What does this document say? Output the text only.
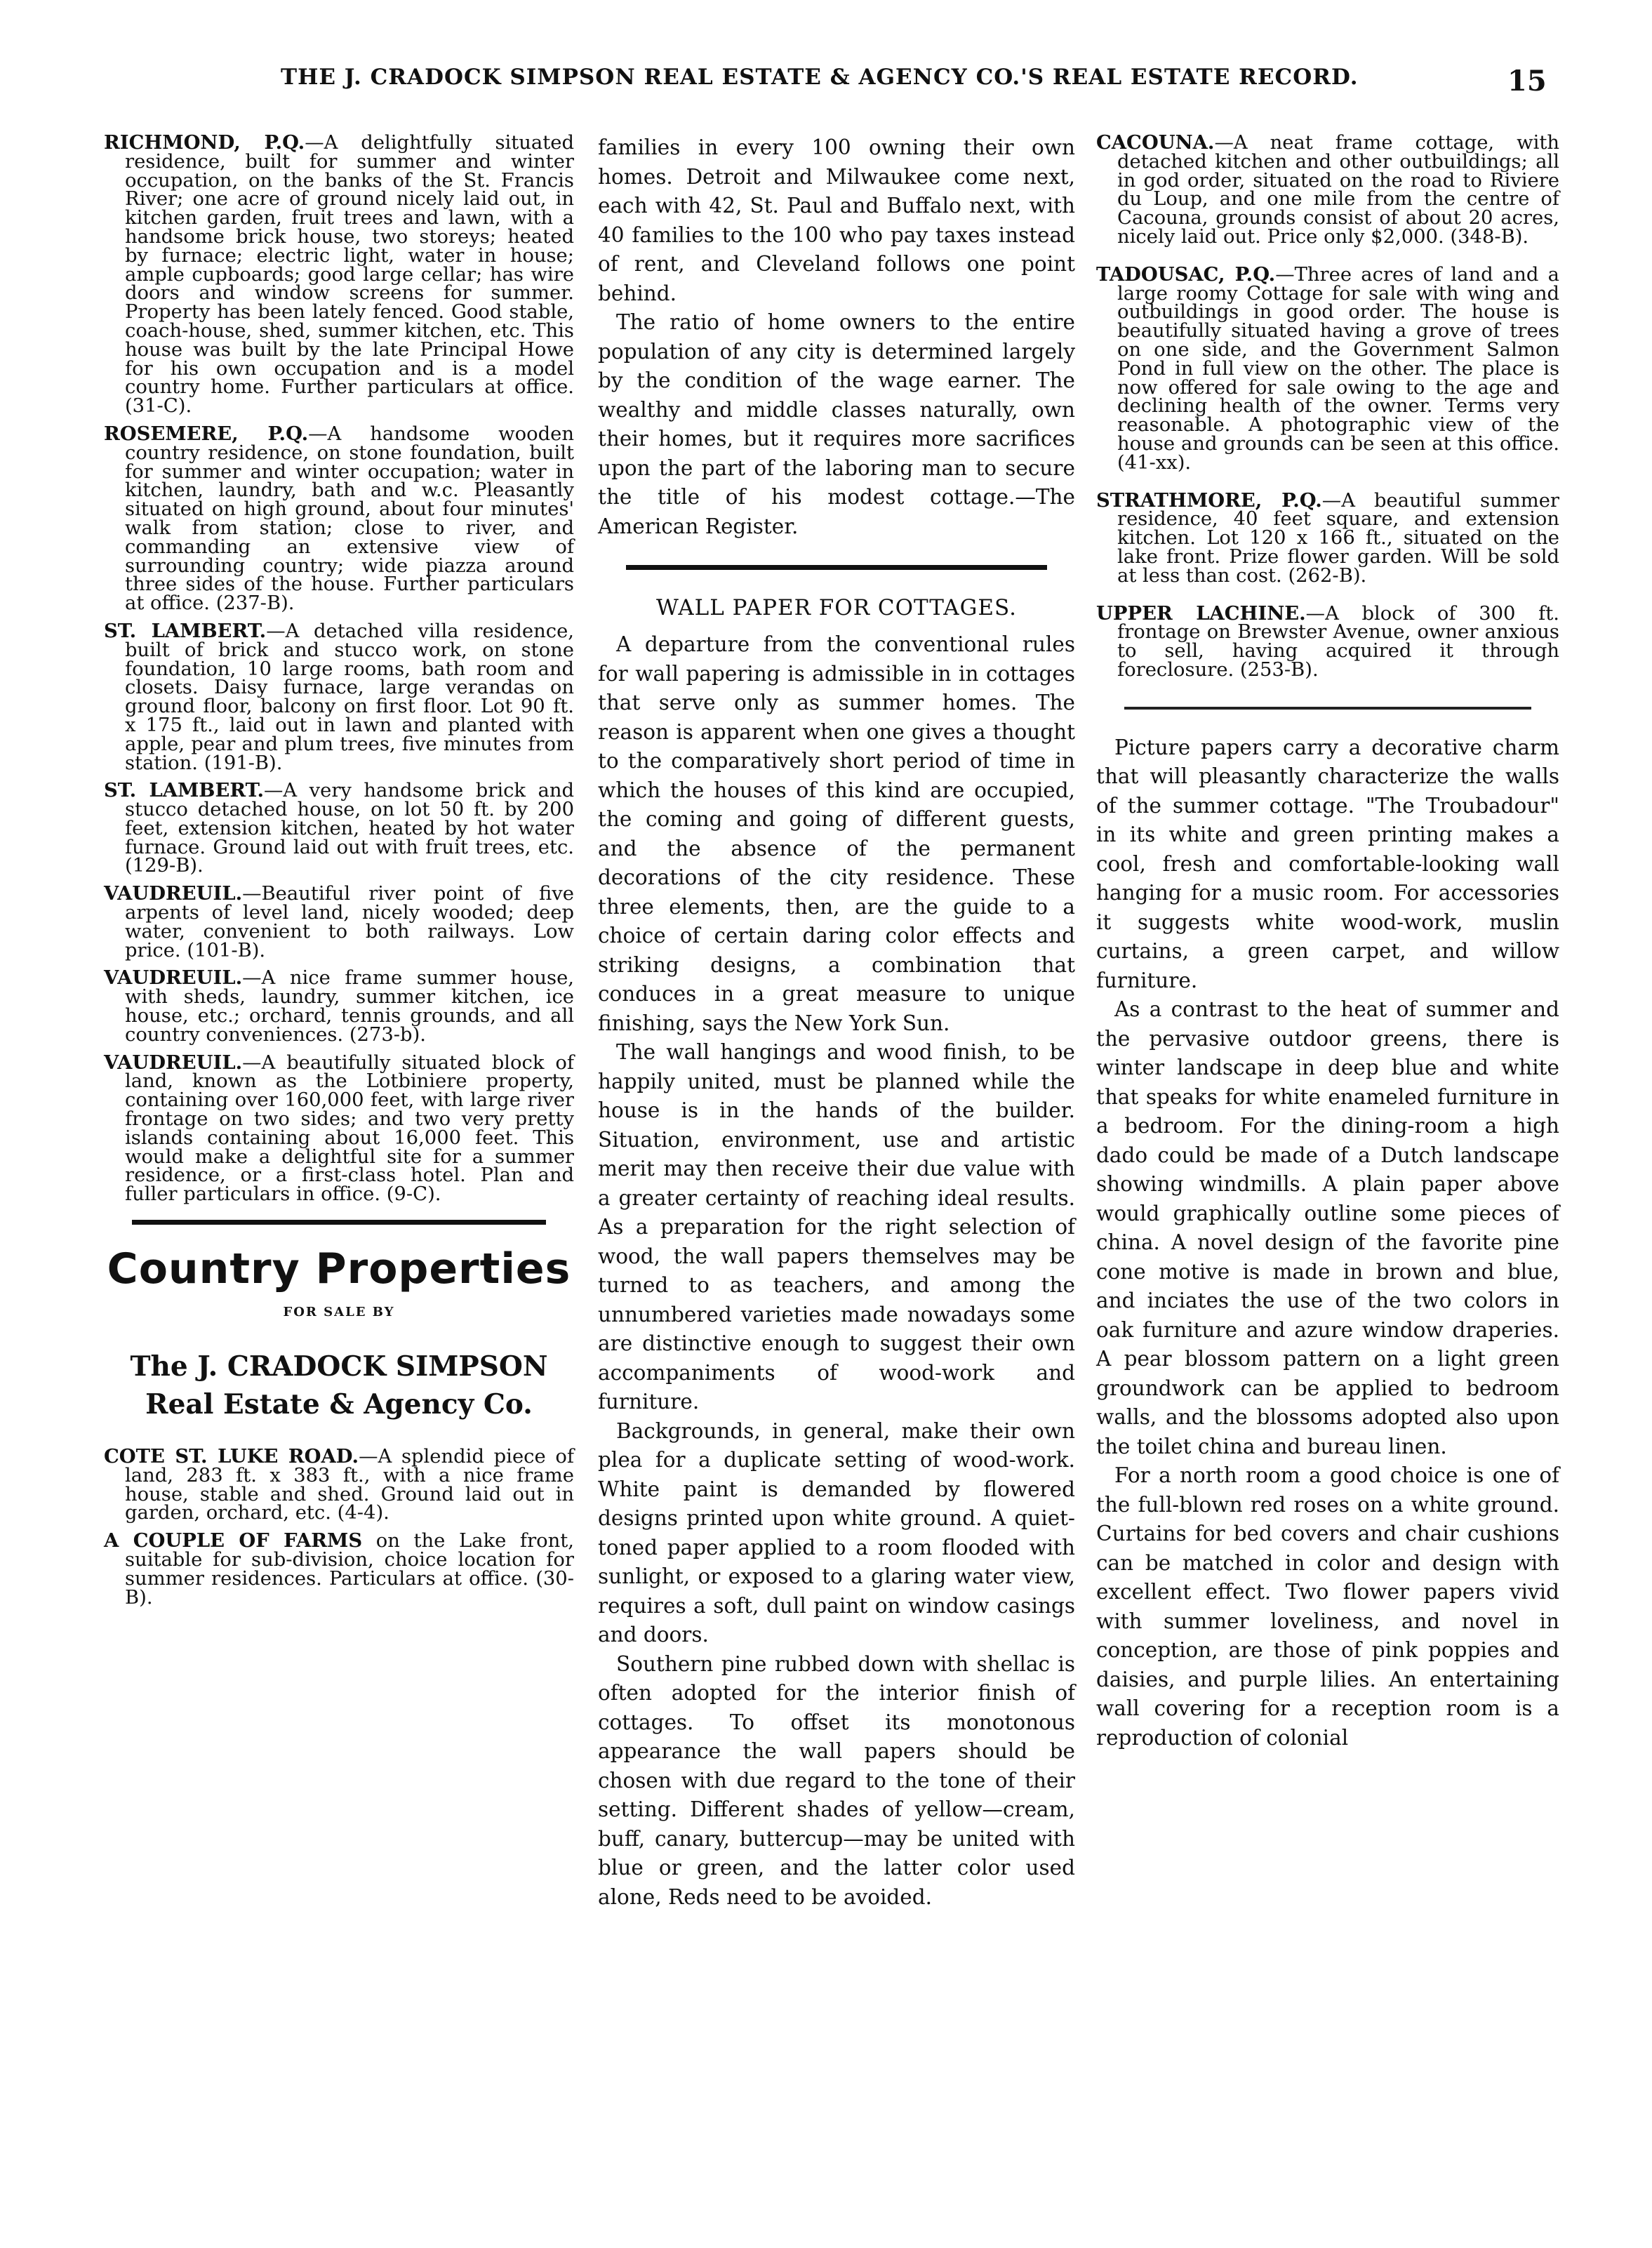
THE J. CRADOCK SIMPSON REAL ESTATE & AGENCY CO.'S REAL ESTATE RECORD.	15

RICHMOND, P.Q.—A delightfully situated residence, built for summer and winter occupation, on the banks of the St. Francis River; one acre of ground nicely laid out, in kitchen garden, fruit trees and lawn, with a handsome brick house, two storeys; heated by furnace; electric light, water in house; ample cupboards; good large cellar; has wire doors and window screens for summer. Property has been lately fenced. Good stable, coach-house, shed, summer kitchen, etc. This house was built by the late Principal Howe for his own occupation and is a model country home. Further particulars at office. (31-C).

ROSEMERE, P.Q.—A handsome wooden country residence, on stone foundation, built for summer and winter occupation; water in kitchen, laundry, bath and w.c. Pleasantly situated on high ground, about four minutes' walk from station; close to river, and commanding an extensive view of surrounding country; wide piazza around three sides of the house. Further particulars at office. (237-B).

ST. LAMBERT.—A detached villa residence, built of brick and stucco work, on stone foundation, 10 large rooms, bath room and closets. Daisy furnace, large verandas on ground floor, balcony on first floor. Lot 90 ft. x 175 ft., laid out in lawn and planted with apple, pear and plum trees, five minutes from station. (191-B).

ST. LAMBERT.—A very handsome brick and stucco detached house, on lot 50 ft. by 200 feet, extension kitchen, heated by hot water furnace. Ground laid out with fruit trees, etc. (129-B).

VAUDREUIL.—Beautiful river point of five arpents of level land, nicely wooded; deep water, convenient to both railways. Low price. (101-B).

VAUDREUIL.—A nice frame summer house, with sheds, laundry, summer kitchen, ice house, etc.; orchard, tennis grounds, and all country conveniences. (273-b).

VAUDREUIL.—A beautifully situated block of land, known as the Lotbiniere property, containing over 160,000 feet, with large river frontage on two sides; and two very pretty islands containing about 16,000 feet. This would make a delightful site for a summer residence, or a first-class hotel. Plan and fuller particulars in office. (9-C).

Country Properties
FOR SALE BY
The J. CRADOCK SIMPSON
Real Estate & Agency Co.

COTE ST. LUKE ROAD.—A splendid piece of land, 283 ft. x 383 ft., with a nice frame house, stable and shed. Ground laid out in garden, orchard, etc. (4-4).

A COUPLE OF FARMS on the Lake front, suitable for sub-division, choice location for summer residences. Particulars at office. (30-B).

families in every 100 owning their own homes. Detroit and Milwaukee come next, each with 42, St. Paul and Buffalo next, with 40 families to the 100 who pay taxes instead of rent, and Cleveland follows one point behind.

The ratio of home owners to the entire population of any city is determined largely by the condition of the wage earner. The wealthy and middle classes naturally, own their homes, but it requires more sacrifices upon the part of the laboring man to secure the title of his modest cottage.—The American Register.

WALL PAPER FOR COTTAGES.

A departure from the conventional rules for wall papering is admissible in in cottages that serve only as summer homes. The reason is apparent when one gives a thought to the comparatively short period of time in which the houses of this kind are occupied, the coming and going of different guests, and the absence of the permanent decorations of the city residence. These three elements, then, are the guide to a choice of certain daring color effects and striking designs, a combination that conduces in a great measure to unique finishing, says the New York Sun.

The wall hangings and wood finish, to be happily united, must be planned while the house is in the hands of the builder. Situation, environment, use and artistic merit may then receive their due value with a greater certainty of reaching ideal results. As a preparation for the right selection of wood, the wall papers themselves may be turned to as teachers, and among the unnumbered varieties made nowadays some are distinctive enough to suggest their own accompaniments of wood-work and furniture.

Backgrounds, in general, make their own plea for a duplicate setting of wood-work. White paint is demanded by flowered designs printed upon white ground. A quiet-toned paper applied to a room flooded with sunlight, or exposed to a glaring water view, requires a soft, dull paint on window casings and doors.

Southern pine rubbed down with shellac is often adopted for the interior finish of cottages. To offset its monotonous appearance the wall papers should be chosen with due regard to the tone of their setting. Different shades of yellow—cream, buff, canary, buttercup—may be united with blue or green, and the latter color used alone, Reds need to be avoided.

CACOUNA.—A neat frame cottage, with detached kitchen and other outbuildings; all in god order, situated on the road to Riviere du Loup, and one mile from the centre of Cacouna, grounds consist of about 20 acres, nicely laid out. Price only $2,000. (348-B).

TADOUSAC, P.Q.—Three acres of land and a large roomy Cottage for sale with wing and outbuildings in good order. The house is beautifully situated having a grove of trees on one side, and the Government Salmon Pond in full view on the other. The place is now offered for sale owing to the age and declining health of the owner. Terms very reasonable. A photographic view of the house and grounds can be seen at this office. (41-xx).

STRATHMORE, P.Q.—A beautiful summer residence, 40 feet square, and extension kitchen. Lot 120 x 166 ft., situated on the lake front. Prize flower garden. Will be sold at less than cost. (262-B).

UPPER LACHINE.—A block of 300 ft. frontage on Brewster Avenue, owner anxious to sell, having acquired it through foreclosure. (253-B).

Picture papers carry a decorative charm that will pleasantly characterize the walls of the summer cottage. "The Troubadour" in its white and green printing makes a cool, fresh and comfortable-looking wall hanging for a music room. For accessories it suggests white wood-work, muslin curtains, a green carpet, and willow furniture.

As a contrast to the heat of summer and the pervasive outdoor greens, there is winter landscape in deep blue and white that speaks for white enameled furniture in a bedroom. For the dining-room a high dado could be made of a Dutch landscape showing windmills. A plain paper above would graphically outline some pieces of china. A novel design of the favorite pine cone motive is made in brown and blue, and inciates the use of the two colors in oak furniture and azure window draperies. A pear blossom pattern on a light green groundwork can be applied to bedroom walls, and the blossoms adopted also upon the toilet china and bureau linen.

For a north room a good choice is one of the full-blown red roses on a white ground. Curtains for bed covers and chair cushions can be matched in color and design with excellent effect. Two flower papers vivid with summer loveliness, and novel in conception, are those of pink poppies and daisies, and purple lilies. An entertaining wall covering for a reception room is a reproduction of colonial
